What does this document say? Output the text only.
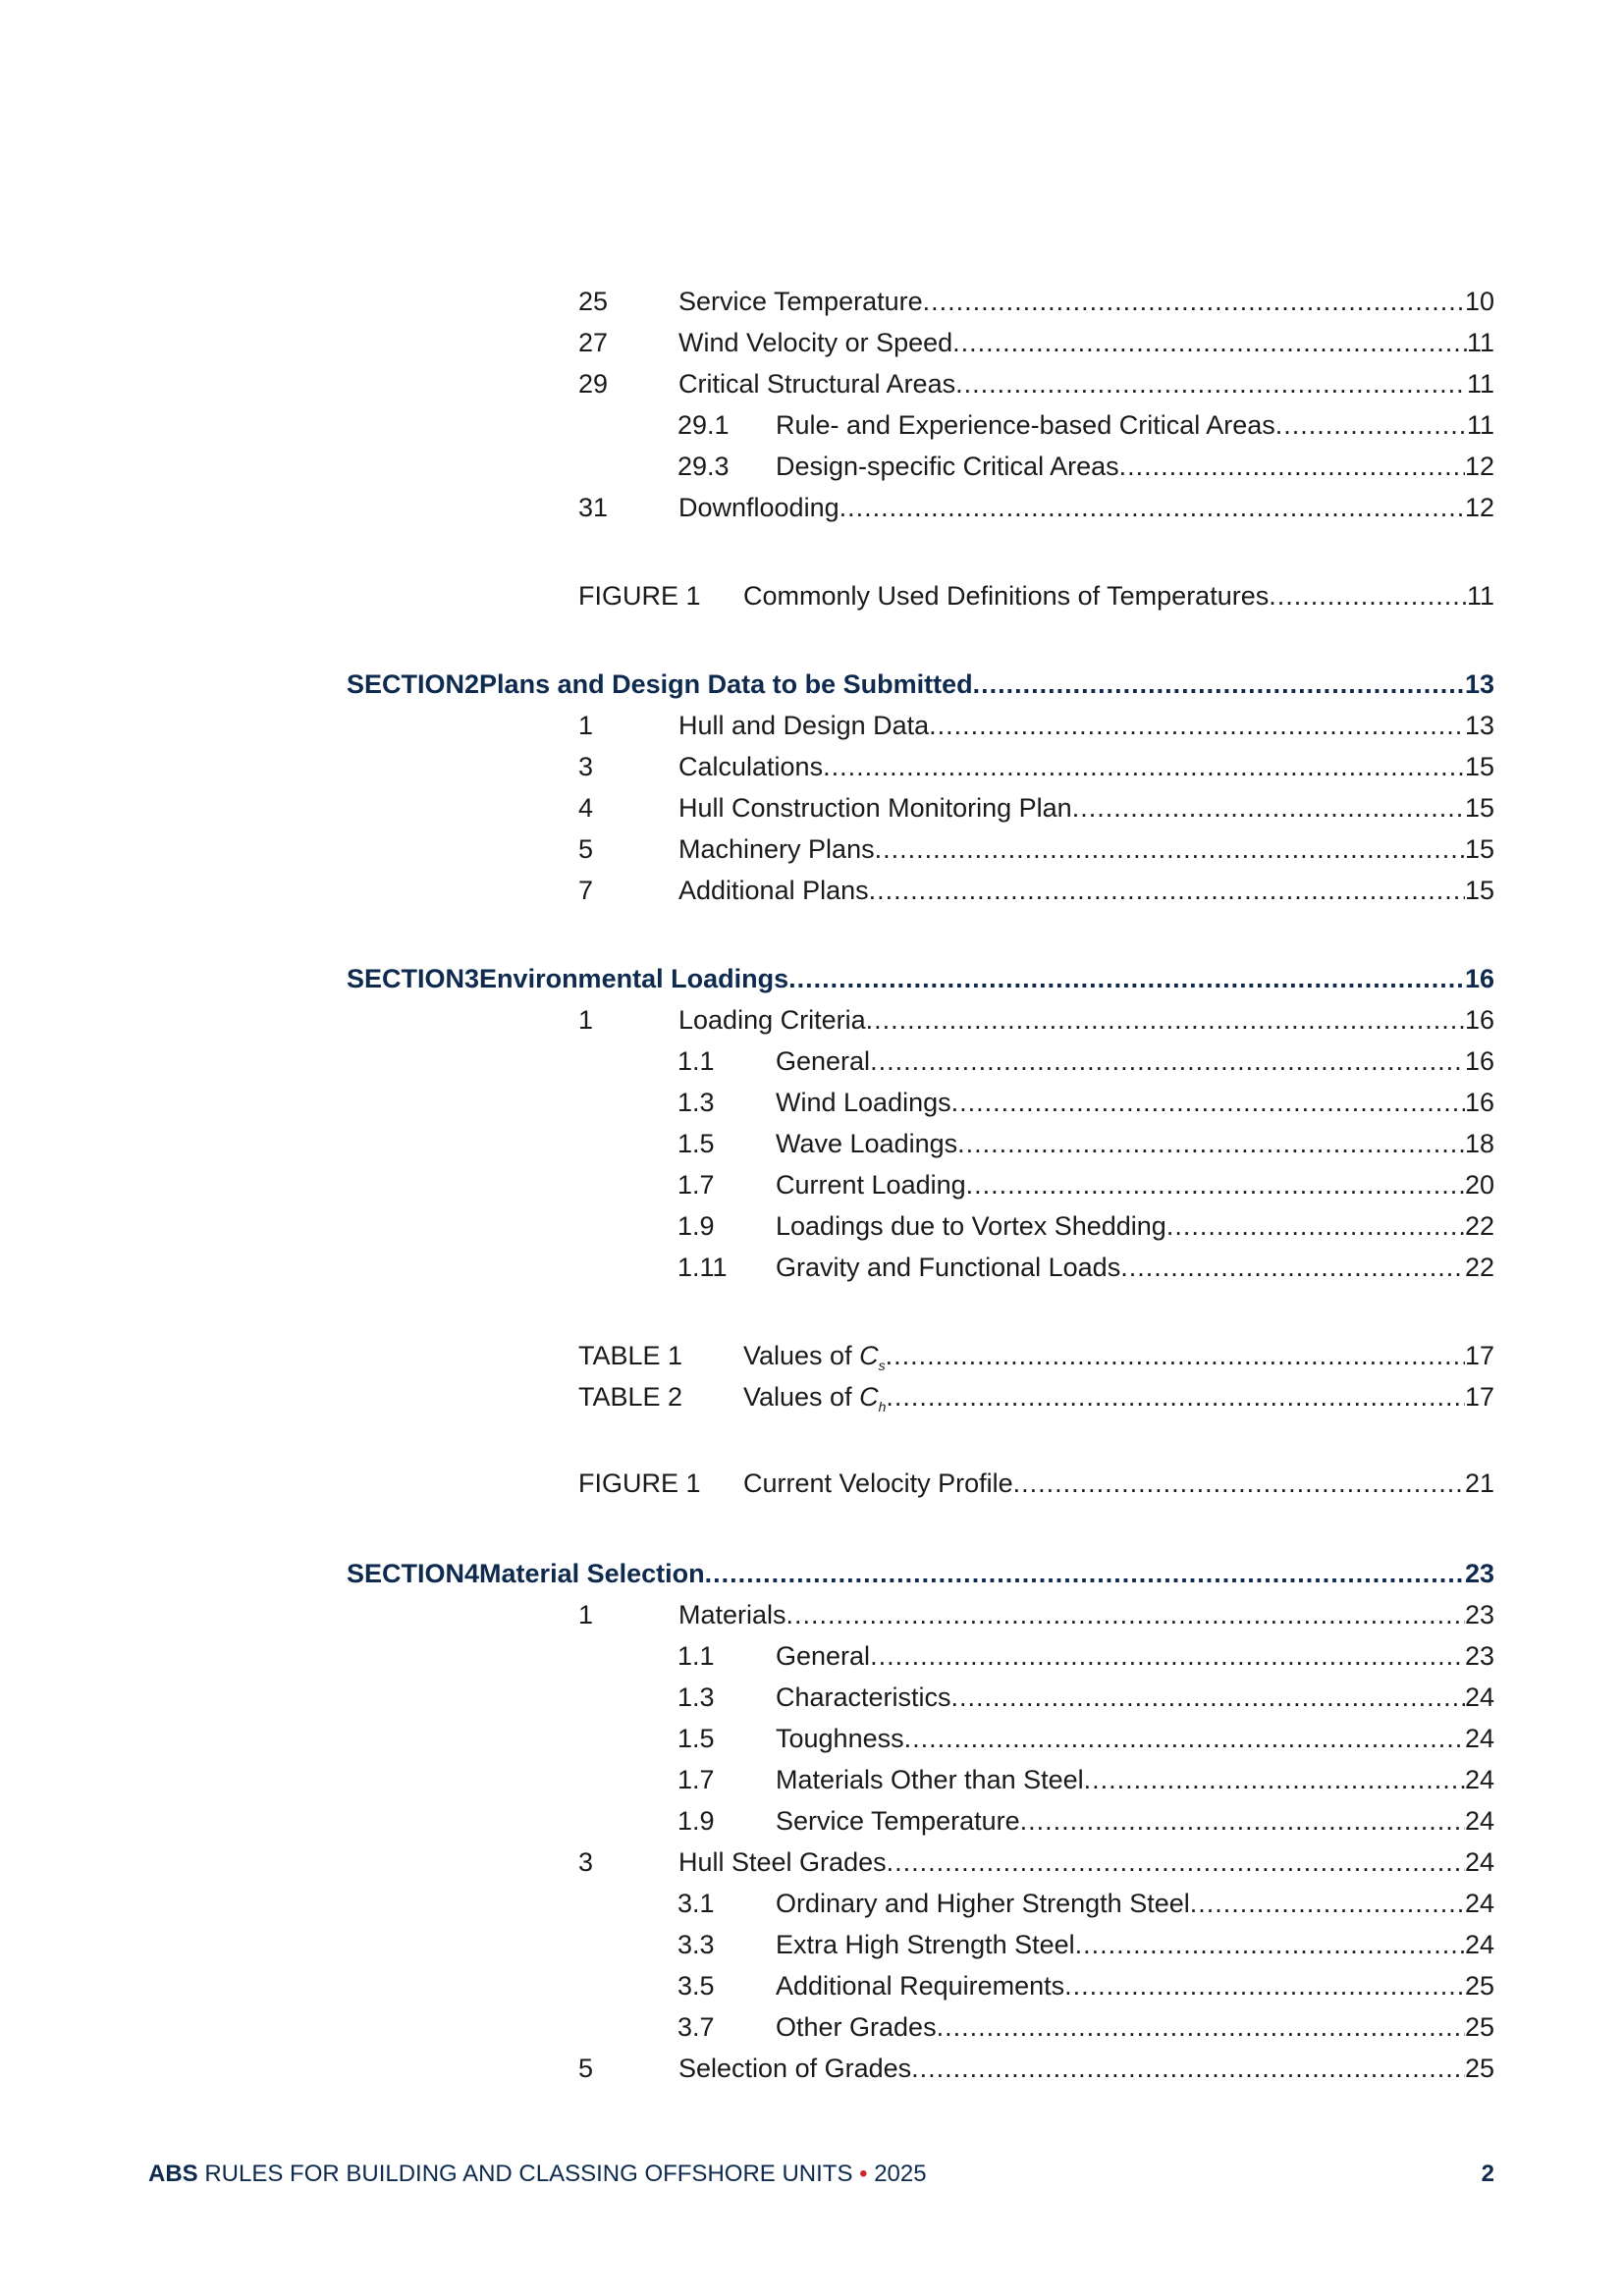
25	Service Temperature .....	10
27	Wind Velocity or Speed .....	11
29	Critical Structural Areas .....	11
29.1	Rule- and Experience-based Critical Areas .....	11
29.3	Design-specific Critical Areas .....	12
31	Downflooding .....	12
FIGURE 1	Commonly Used Definitions of Temperatures .....	11
SECTION 2 Plans and Design Data to be Submitted .....	13
1	Hull and Design Data .....	13
3	Calculations .....	15
4	Hull Construction Monitoring Plan .....	15
5	Machinery Plans .....	15
7	Additional Plans .....	15
SECTION 3 Environmental Loadings .....	16
1	Loading Criteria .....	16
1.1	General .....	16
1.3	Wind Loadings .....	16
1.5	Wave Loadings .....	18
1.7	Current Loading .....	20
1.9	Loadings due to Vortex Shedding .....	22
1.11	Gravity and Functional Loads .....	22
TABLE 1	Values of $C_s$ .....	17
TABLE 2	Values of $C_h$ .....	17
FIGURE 1	Current Velocity Profile .....	21
SECTION 4 Material Selection .....	23
1	Materials .....	23
1.1	General .....	23
1.3	Characteristics .....	24
1.5	Toughness .....	24
1.7	Materials Other than Steel .....	24
1.9	Service Temperature .....	24
3	Hull Steel Grades .....	24
3.1	Ordinary and Higher Strength Steel .....	24
3.3	Extra High Strength Steel .....	24
3.5	Additional Requirements .....	25
3.7	Other Grades .....	25
5	Selection of Grades .....	25
ABS RULES FOR BUILDING AND CLASSING OFFSHORE UNITS • 2025	2
